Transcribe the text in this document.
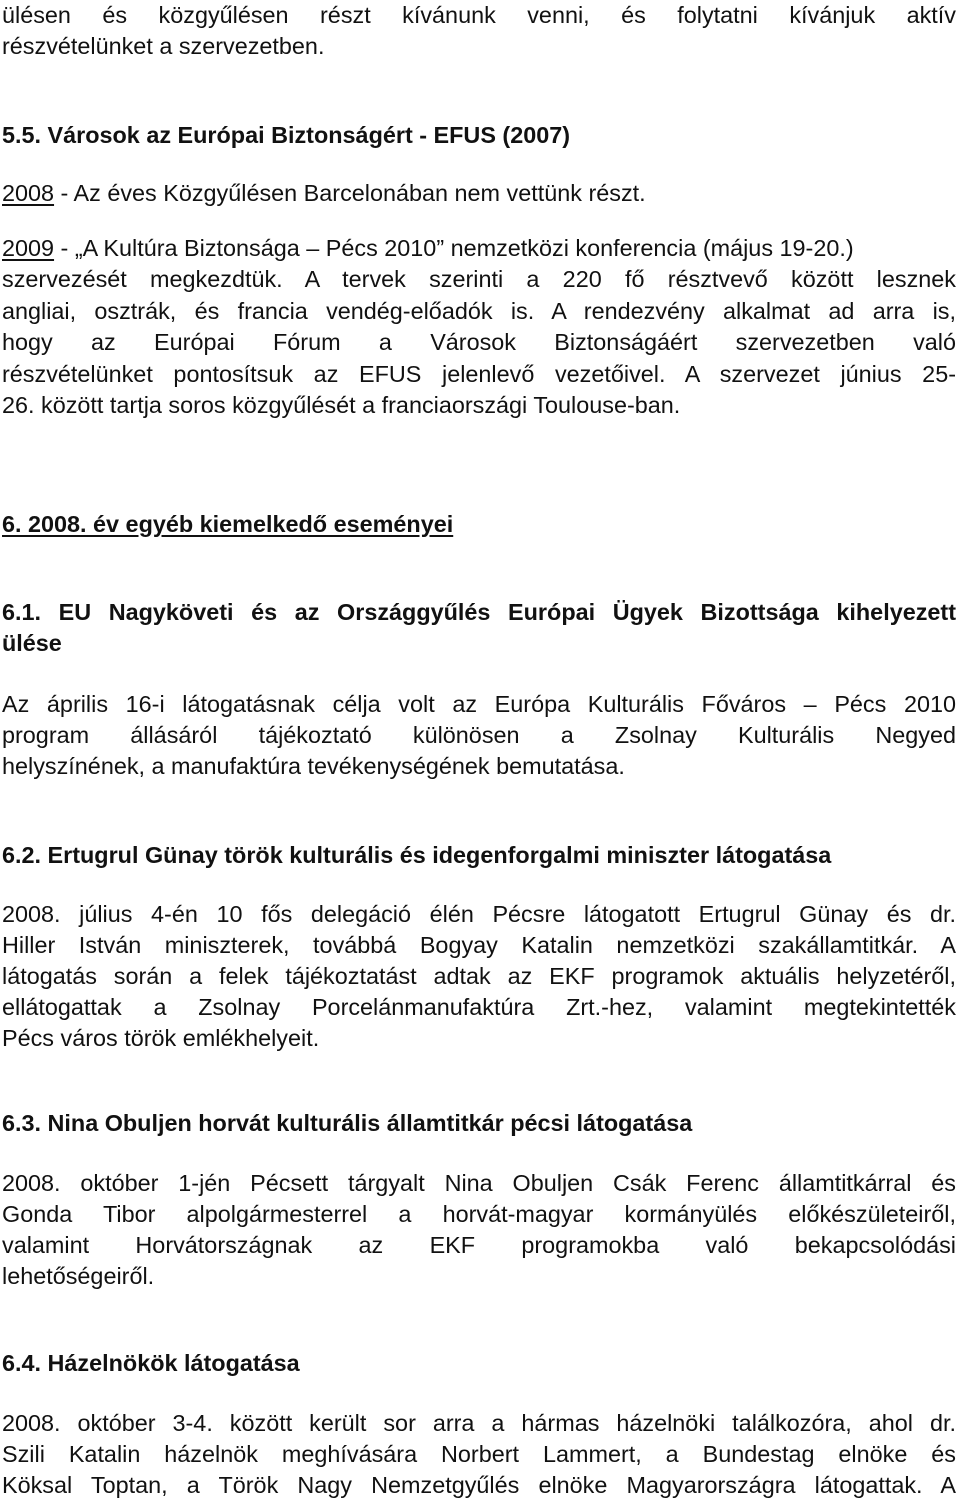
ülésen és közgyűlésen részt kívánunk venni, és folytatni kívánjuk aktív
részvételünket a szervezetben.
5.5. Városok az Európai Biztonságért - EFUS (2007)
2008 - Az éves Közgyűlésen Barcelonában nem vettünk részt.
2009 - „A Kultúra Biztonsága – Pécs 2010” nemzetközi konferencia (május 19-20.)
szervezését megkezdtük. A tervek szerinti a 220 fő résztvevő között lesznek
angliai, osztrák, és francia vendég-előadók is. A rendezvény alkalmat ad arra is,
hogy az Európai Fórum a Városok Biztonságáért szervezetben való
részvételünket pontosítsuk az EFUS jelenlevő vezetőivel. A szervezet június 25-
26. között tartja soros közgyűlését a franciaországi Toulouse-ban.
6. 2008. év egyéb kiemelkedő eseményei
6.1. EU Nagyköveti és az Országgyűlés Európai Ügyek Bizottsága kihelyezett
ülése
Az április 16-i látogatásnak célja volt az Európa Kulturális Főváros – Pécs 2010
program állásáról tájékoztató különösen a Zsolnay Kulturális Negyed
helyszínének, a manufaktúra tevékenységének bemutatása.
6.2. Ertugrul Günay török kulturális és idegenforgalmi miniszter látogatása
2008. július 4-én 10 fős delegáció élén Pécsre látogatott Ertugrul Günay és dr.
Hiller István miniszterek, továbbá Bogyay Katalin nemzetközi szakállamtitkár. A
látogatás során a felek tájékoztatást adtak az EKF programok aktuális helyzetéről,
ellátogattak a Zsolnay Porcelánmanufaktúra Zrt.-hez, valamint megtekintették
Pécs város török emlékhelyeit.
6.3. Nina Obuljen horvát kulturális államtitkár pécsi látogatása
2008. október 1-jén Pécsett tárgyalt Nina Obuljen Csák Ferenc államtitkárral és
Gonda Tibor alpolgármesterrel a horvát-magyar kormányülés előkészületeiről,
valamint Horvátországnak az EKF programokba való bekapcsolódási
lehetőségeiről.
6.4. Házelnökök látogatása
2008. október 3-4. között került sor arra a hármas házelnöki találkozóra, ahol dr.
Szili Katalin házelnök meghívására Norbert Lammert, a Bundestag elnöke és
Köksal Toptan, a Török Nagy Nemzetgyűlés elnöke Magyarországra látogattak. A
